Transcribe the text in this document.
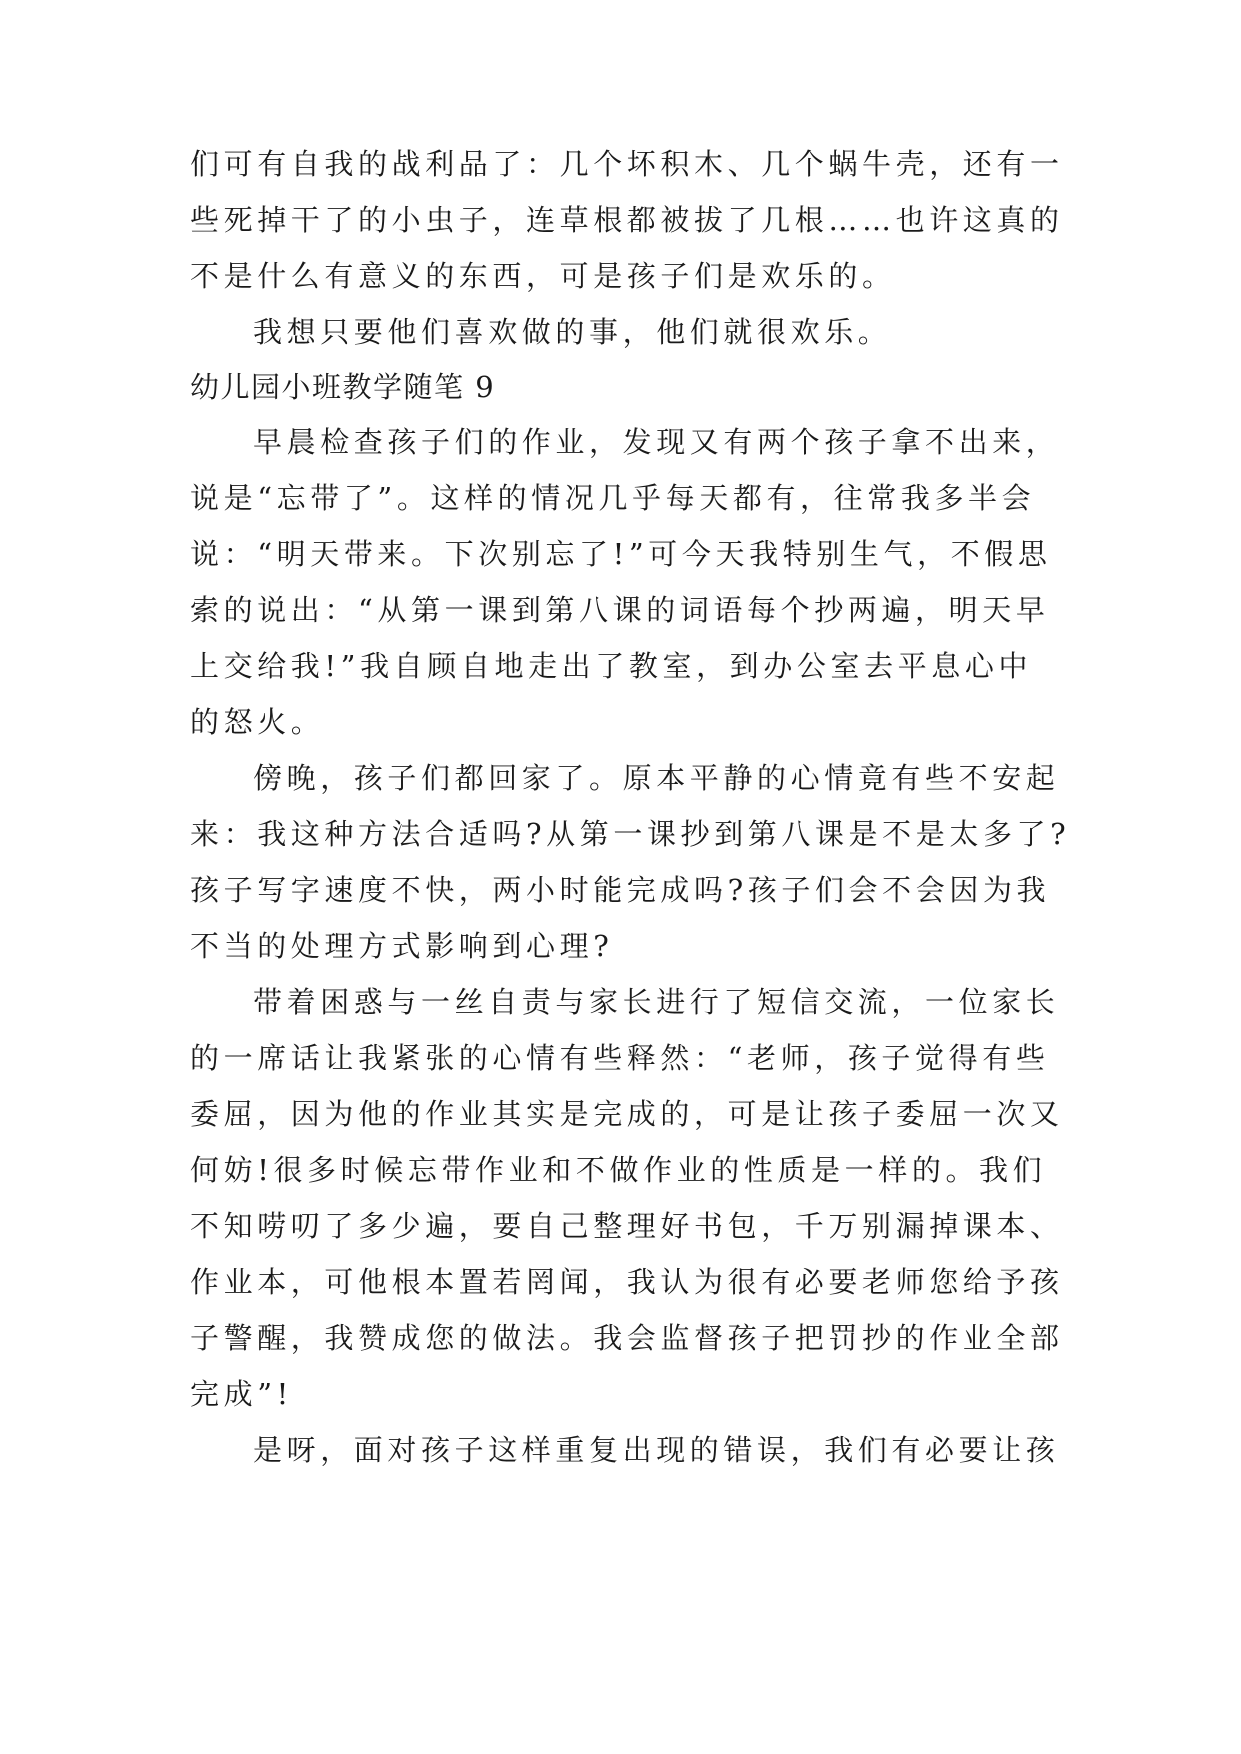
们可有自我的战利品了：几个坏积木、几个蜗牛壳，还有一
些死掉干了的小虫子，连草根都被拔了几根……也许这真的
不是什么有意义的东西，可是孩子们是欢乐的。
我想只要他们喜欢做的事，他们就很欢乐。
幼儿园小班教学随笔 9
早晨检查孩子们的作业，发现又有两个孩子拿不出来，
说是“忘带了”。这样的情况几乎每天都有，往常我多半会
说：“明天带来。下次别忘了!”可今天我特别生气，不假思
索的说出：“从第一课到第八课的词语每个抄两遍，明天早
上交给我!”我自顾自地走出了教室，到办公室去平息心中
的怒火。
傍晚，孩子们都回家了。原本平静的心情竟有些不安起
来：我这种方法合适吗?从第一课抄到第八课是不是太多了?
孩子写字速度不快，两小时能完成吗?孩子们会不会因为我
不当的处理方式影响到心理?
带着困惑与一丝自责与家长进行了短信交流，一位家长
的一席话让我紧张的心情有些释然：“老师，孩子觉得有些
委屈，因为他的作业其实是完成的，可是让孩子委屈一次又
何妨!很多时候忘带作业和不做作业的性质是一样的。我们
不知唠叨了多少遍，要自己整理好书包，千万别漏掉课本、
作业本，可他根本置若罔闻，我认为很有必要老师您给予孩
子警醒，我赞成您的做法。我会监督孩子把罚抄的作业全部
完成”!
是呀，面对孩子这样重复出现的错误，我们有必要让孩
